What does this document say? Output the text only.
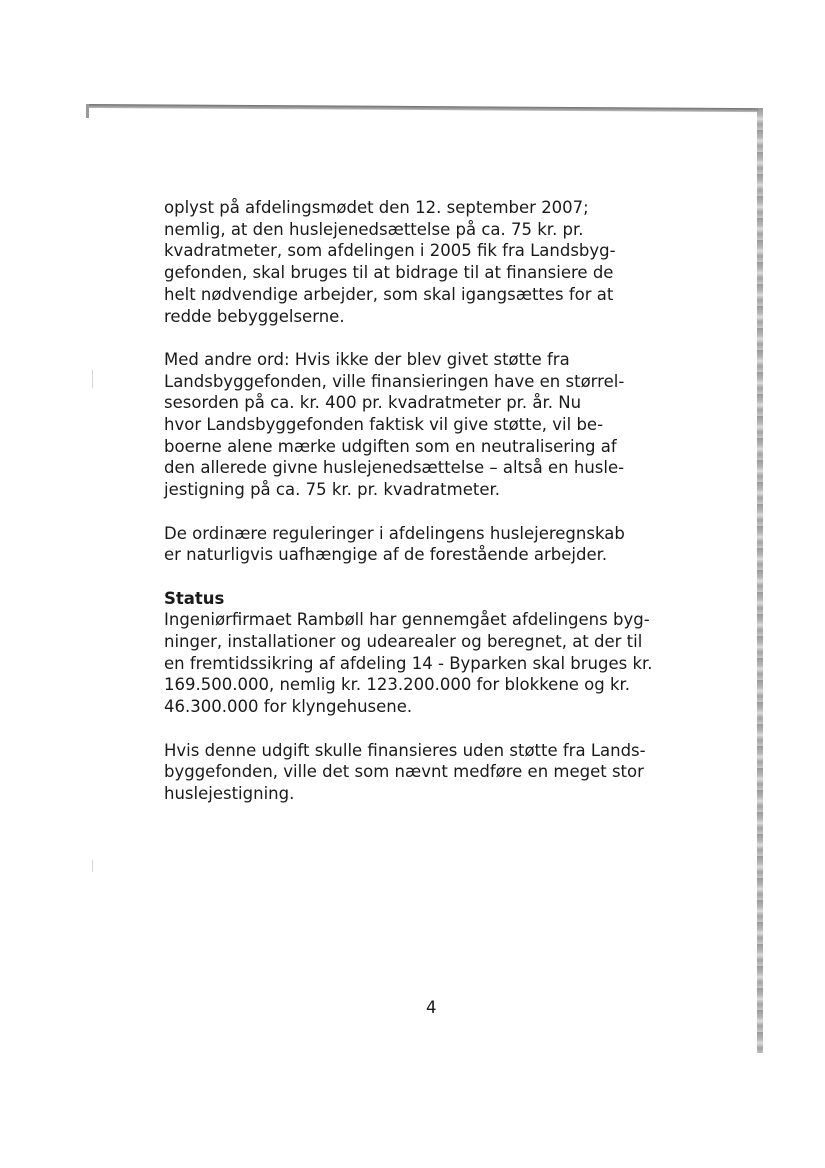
oplyst på afdelingsmødet den 12. september 2007;

nemlig, at den huslejenedsættelse på ca. 75 kr. pr.

kvadratmeter, som afdelingen i 2005 fik fra Landsbyg-

gefonden, skal bruges til at bidrage til at finansiere de

helt nødvendige arbejder, som skal igangsættes for at

redde bebyggelserne.

Med andre ord: Hvis ikke der blev givet støtte fra

Landsbyggefonden, ville finansieringen have en størrel-

sesorden på ca. kr. 400 pr. kvadratmeter pr. år. Nu

hvor Landsbyggefonden faktisk vil give støtte, vil be-

boerne alene mærke udgiften som en neutralisering af

den allerede givne huslejenedsættelse – altså en husle-

jestigning på ca. 75 kr. pr. kvadratmeter.

De ordinære reguleringer i afdelingens huslejeregnskab

er naturligvis uafhængige af de forestående arbejder.

Status

Ingeniørfirmaet Rambøll har gennemgået afdelingens byg-

ninger, installationer og udearealer og beregnet, at der til

en fremtidssikring af afdeling 14 - Byparken skal bruges kr.

169.500.000, nemlig kr. 123.200.000 for blokkene og kr.

46.300.000 for klyngehusene.

Hvis denne udgift skulle finansieres uden støtte fra Lands-

byggefonden, ville det som nævnt medføre en meget stor

huslejestigning.

4
